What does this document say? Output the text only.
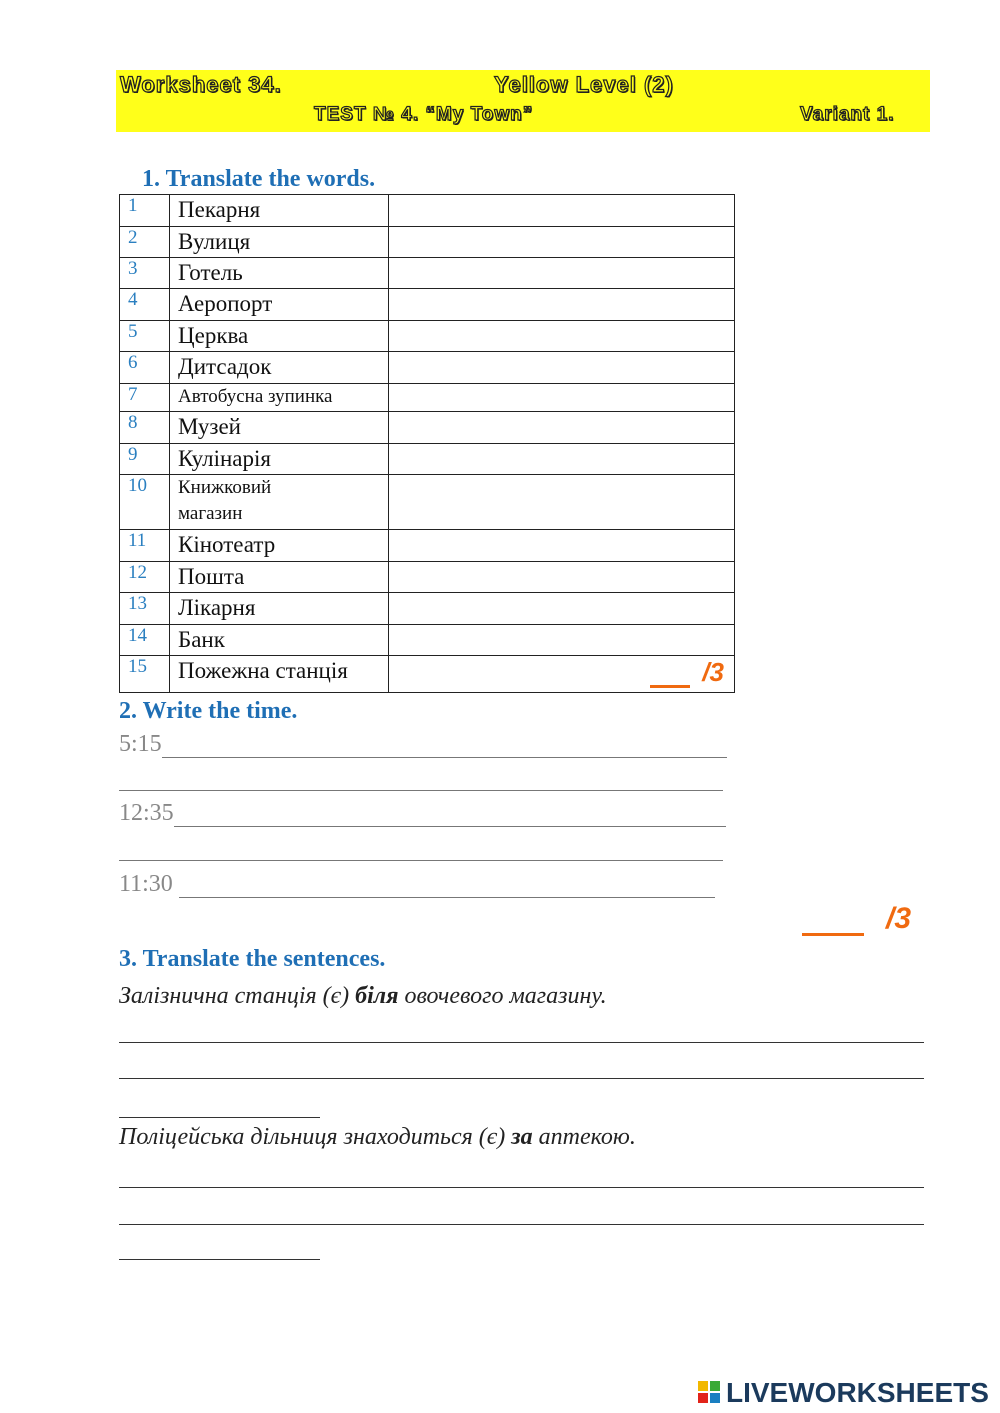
Worksheet 34.	Yellow Level (2)
TEST № 4. “My Town”	Variant 1.
1. Translate the words.
1	Пекарня	
2	Вулиця	
3	Готель	
4	Аеропорт	
5	Церква	
6	Дитсадок	
7	Автобусна зупинка	
8	Музей	
9	Кулінарія	
10	Книжковий
магазин	
11	Кінотеатр	
12	Пошта	
13	Лікарня	
14	Банк	
15	Пожежна станція	/3
2. Write the time.
5:15
12:35
11:30
/3
3. Translate the sentences.
Залізнична станція (є) біля овочевого магазину.
Поліцейська дільниця знаходиться (є) за аптекою.
LIVEWORKSHEETS
